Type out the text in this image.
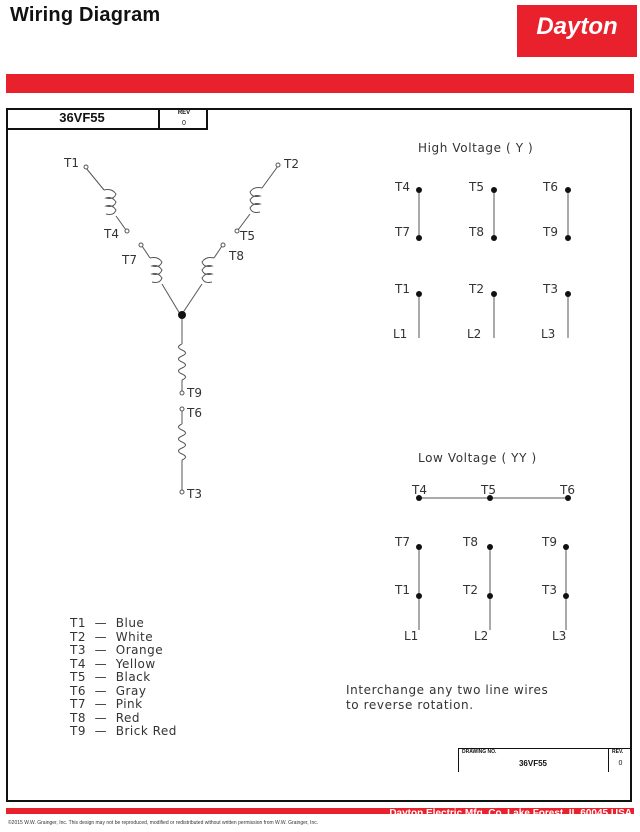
Wiring Diagram	Dayton
36VF55	REV
0
T1	T2
T4
T7
T5
T8
T9
T6
T3
High Voltage ( Y )
T4
T7
T5
T8
T6
T9
T1
L1
T2
L2
T3
L3
Low Voltage ( YY )
T4	T5	T6
T7
T1
L1
T8
T2
L2
T9
T3
L3
T1 — Blue
T2 — White
T3 — Orange
T4 — Yellow
T5 — Black
T6 — Gray
T7 — Pink
T8 — Red
T9 — Brick Red
Interchange any two line wires
to reverse rotation.
DRAWING NO.	REV.
36VF55	0
Dayton Electric Mfg. Co. Lake Forest, IL 60045 USA
©2015 W.W. Grainger, Inc. This design may not be reproduced, modified or redistributed without written permission from W.W. Grainger, Inc.
